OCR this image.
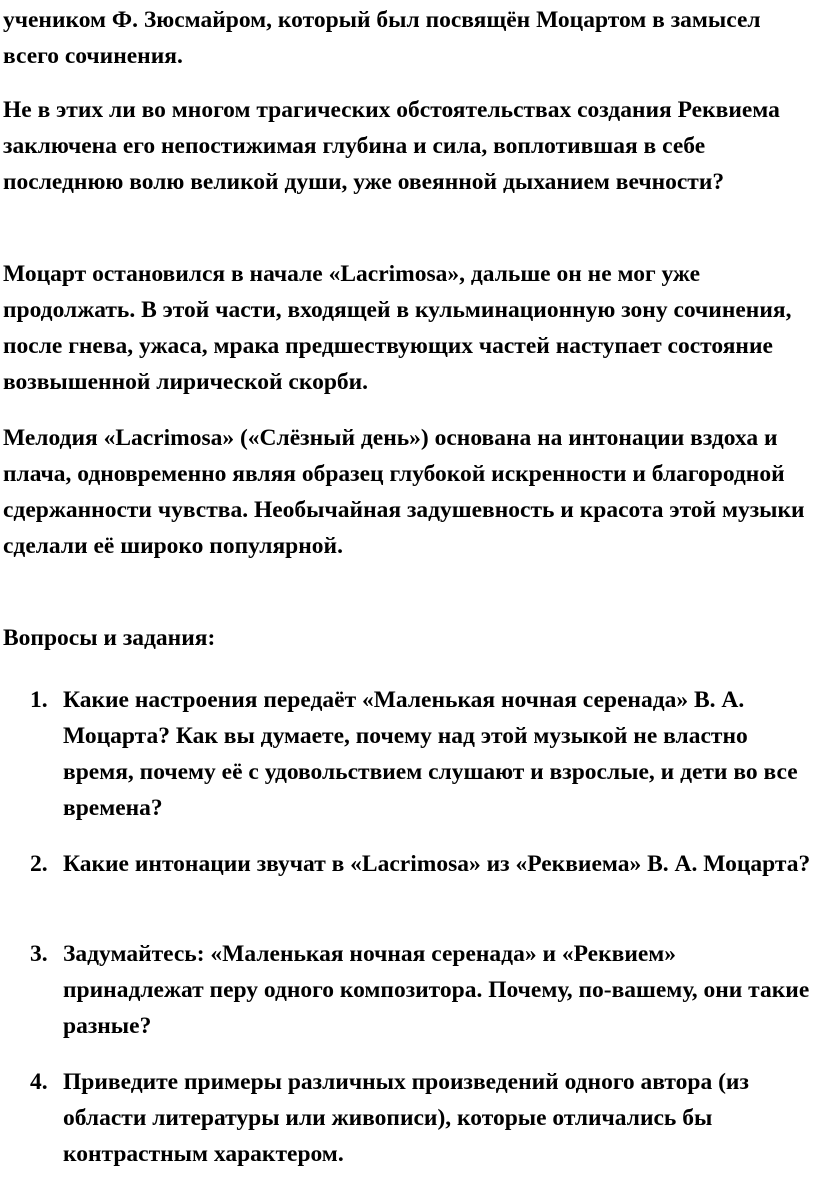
учеником Ф. Зюсмайром, который был посвящён Моцартом в замысел всего сочинения.

Не в этих ли во многом трагических обстоятельствах создания Реквиема заключена его непостижимая глубина и сила, воплотившая в себе последнюю волю великой души, уже овеянной дыханием вечности?

Моцарт остановился в начале «Lacrimosa», дальше он не мог уже продолжать. В этой части, входящей в кульминационную зону сочинения, после гнева, ужаса, мрака предшествующих частей наступает состояние возвышенной лирической скорби.

Мелодия «Lacrimosa» («Слёзный день») основана на интонации вздоха и плача, одновременно являя образец глубокой искренности и благородной сдержанности чувства. Необычайная задушевность и красота этой музыки сделали её широко популярной.

Вопросы и задания:
1. Какие настроения передаёт «Маленькая ночная серенада» В. А. Моцарта? Как вы думаете, почему над этой музыкой не властно время, почему её с удовольствием слушают и взрослые, и дети во все времена?

2. Какие интонации звучат в «Lacrimosa» из «Реквиема» В. А. Моцарта?

3. Задумайтесь: «Маленькая ночная серенада» и «Реквием» принадлежат перу одного композитора. Почему, по-вашему, они такие разные?

4. Приведите примеры различных произведений одного автора (из области литературы или живописи), которые отличались бы контрастным характером.
